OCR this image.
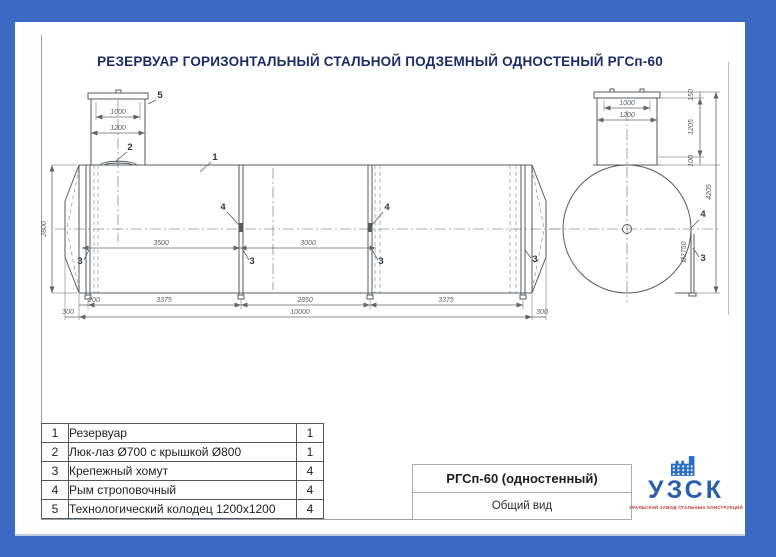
РЕЗЕРВУАР ГОРИЗОНТАЛЬНЫЙ СТАЛЬНОЙ ПОДЗЕМНЫЙ ОДНОСТЕНЫЙ РГСп-60
1000
1200
2800
3500	3000
200	3375	2850	3375
300	10000	300
5
2
1
4	4
3	3	3	3
1000
1200
150
1205
100
4205
Ø2750
4
3
1	Резервуар	1
2	Люк-лаз Ø700 с крышкой Ø800	1
3	Крепежный хомут	4
4	Рым строповочный	4
5	Технологический колодец 1200x1200	4
РГСп-60 (одностенный)
Общий вид
УЗСК
УРАЛЬСКИЙ ЗАВОД СТАЛЬНЫХ КОНСТРУКЦИЙ
